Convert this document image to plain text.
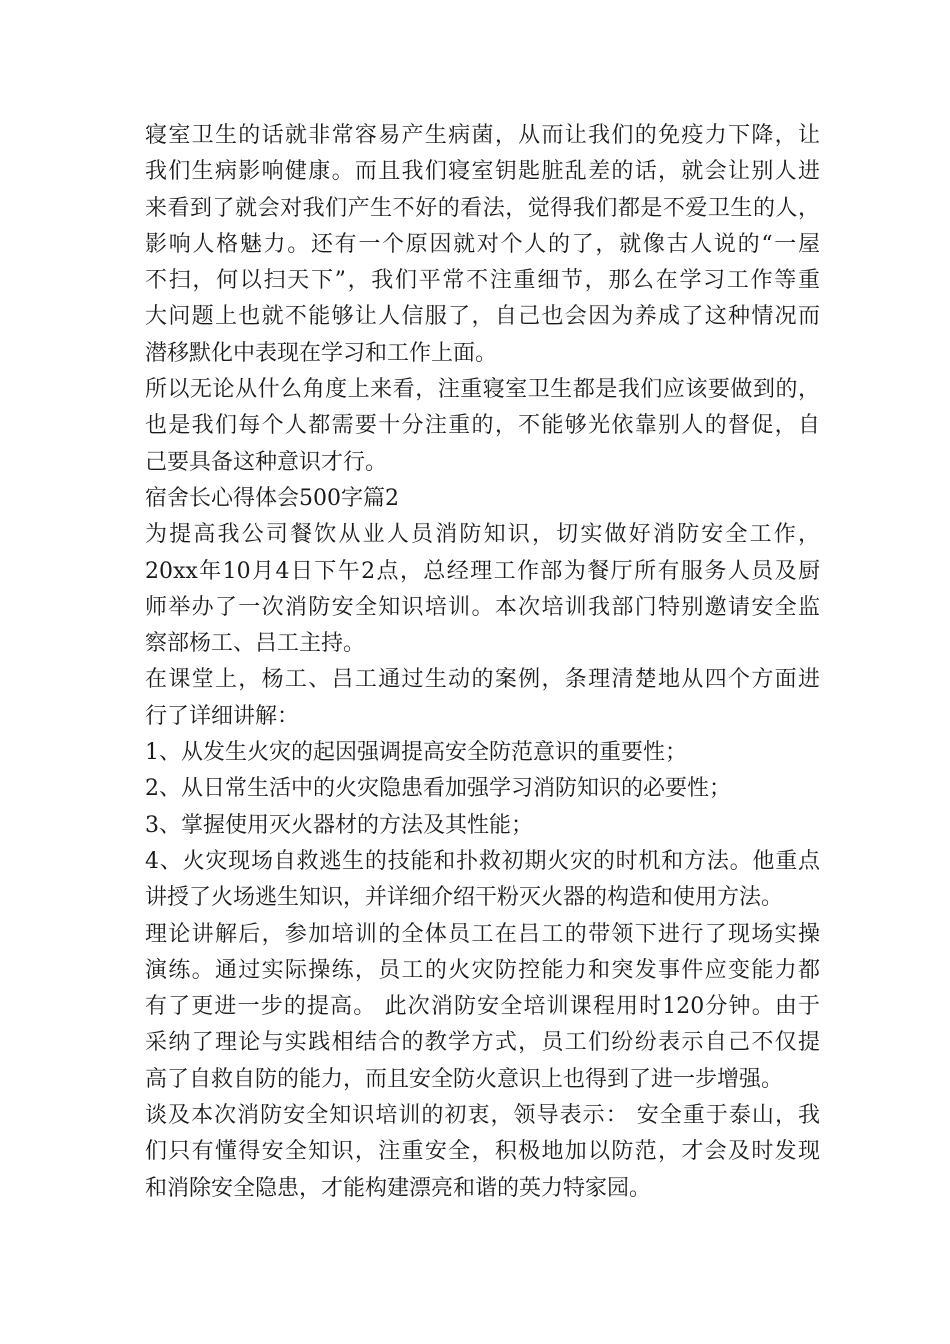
寝室卫生的话就非常容易产生病菌，从而让我们的免疫力下降，让
我们生病影响健康。而且我们寝室钥匙脏乱差的话，就会让别人进
来看到了就会对我们产生不好的看法，觉得我们都是不爱卫生的人，
影响人格魅力。还有一个原因就对个人的了，就像古人说的“一屋
不扫，何以扫天下”，我们平常不注重细节，那么在学习工作等重
大问题上也就不能够让人信服了，自己也会因为养成了这种情况而
潜移默化中表现在学习和工作上面。
所以无论从什么角度上来看，注重寝室卫生都是我们应该要做到的，
也是我们每个人都需要十分注重的，不能够光依靠别人的督促，自
己要具备这种意识才行。
宿舍长心得体会500字篇2
为提高我公司餐饮从业人员消防知识，切实做好消防安全工作，
20xx年10月4日下午2点，总经理工作部为餐厅所有服务人员及厨
师举办了一次消防安全知识培训。本次培训我部门特别邀请安全监
察部杨工、吕工主持。
在课堂上，杨工、吕工通过生动的案例，条理清楚地从四个方面进
行了详细讲解：
1、从发生火灾的起因强调提高安全防范意识的重要性；
2、从日常生活中的火灾隐患看加强学习消防知识的必要性；
3、掌握使用灭火器材的方法及其性能；
4、火灾现场自救逃生的技能和扑救初期火灾的时机和方法。他重点
讲授了火场逃生知识，并详细介绍干粉灭火器的构造和使用方法。
理论讲解后，参加培训的全体员工在吕工的带领下进行了现场实操
演练。通过实际操练，员工的火灾防控能力和突发事件应变能力都
有了更进一步的提高。 此次消防安全培训课程用时120分钟。由于
采纳了理论与实践相结合的教学方式，员工们纷纷表示自己不仅提
高了自救自防的能力，而且安全防火意识上也得到了进一步增强。
谈及本次消防安全知识培训的初衷，领导表示： 安全重于泰山，我
们只有懂得安全知识，注重安全，积极地加以防范，才会及时发现
和消除安全隐患，才能构建漂亮和谐的英力特家园。
